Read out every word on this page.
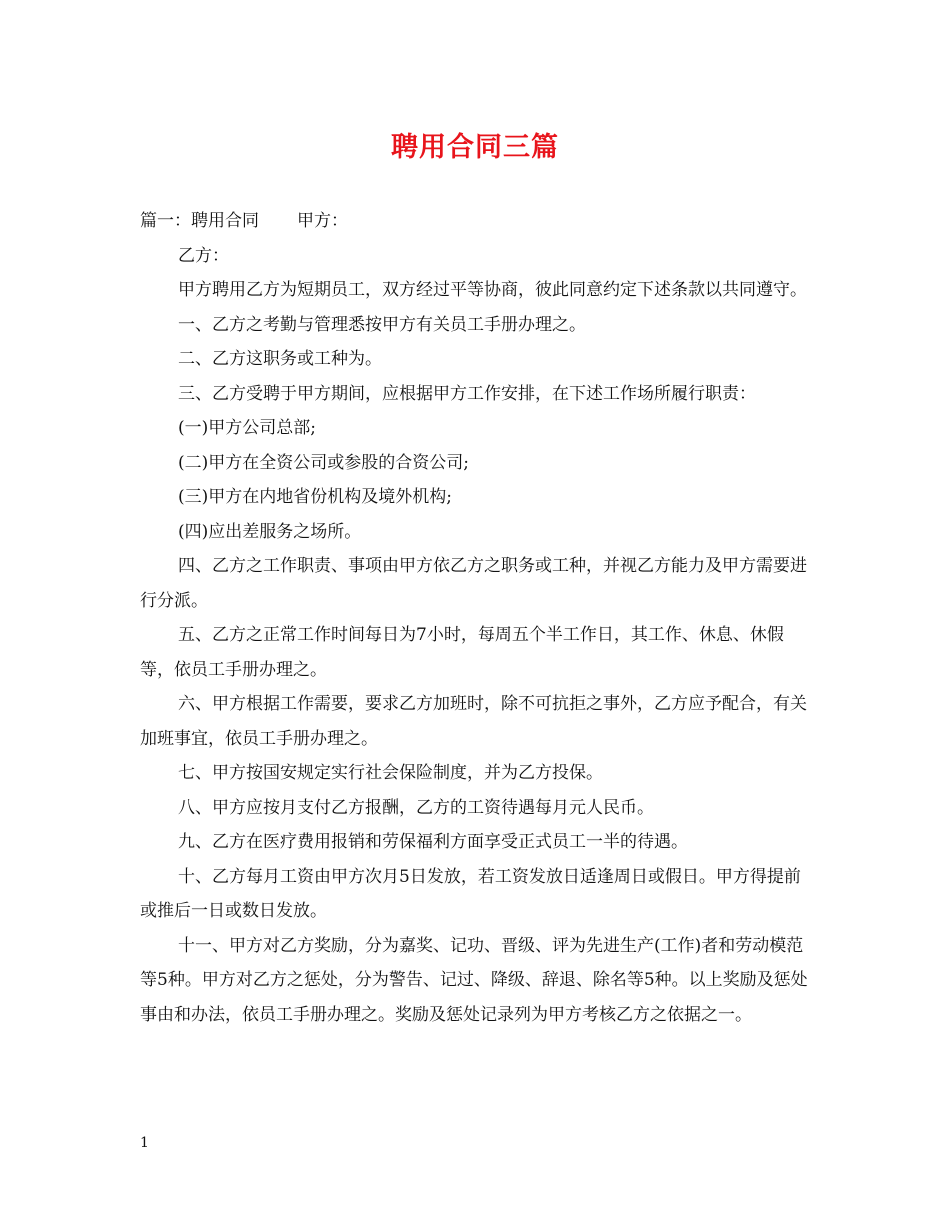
聘用合同三篇

篇一：聘用合同 甲方：

乙方：

甲方聘用乙方为短期员工，双方经过平等协商，彼此同意约定下述条款以共同遵守。

一、乙方之考勤与管理悉按甲方有关员工手册办理之。

二、乙方这职务或工种为。

三、乙方受聘于甲方期间，应根据甲方工作安排，在下述工作场所履行职责：

(一)甲方公司总部;

(二)甲方在全资公司或参股的合资公司;

(三)甲方在内地省份机构及境外机构;

(四)应出差服务之场所。

四、乙方之工作职责、事项由甲方依乙方之职务或工种，并视乙方能力及甲方需要进行分派。

五、乙方之正常工作时间每日为7小时，每周五个半工作日，其工作、休息、休假等，依员工手册办理之。

六、甲方根据工作需要，要求乙方加班时，除不可抗拒之事外，乙方应予配合，有关加班事宜，依员工手册办理之。

七、甲方按国安规定实行社会保险制度，并为乙方投保。

八、甲方应按月支付乙方报酬，乙方的工资待遇每月元人民币。

九、乙方在医疗费用报销和劳保福利方面享受正式员工一半的待遇。

十、乙方每月工资由甲方次月5日发放，若工资发放日适逢周日或假日。甲方得提前或推后一日或数日发放。

十一、甲方对乙方奖励，分为嘉奖、记功、晋级、评为先进生产(工作)者和劳动模范等5种。甲方对乙方之惩处，分为警告、记过、降级、辞退、除名等5种。以上奖励及惩处事由和办法，依员工手册办理之。奖励及惩处记录列为甲方考核乙方之依据之一。

1
